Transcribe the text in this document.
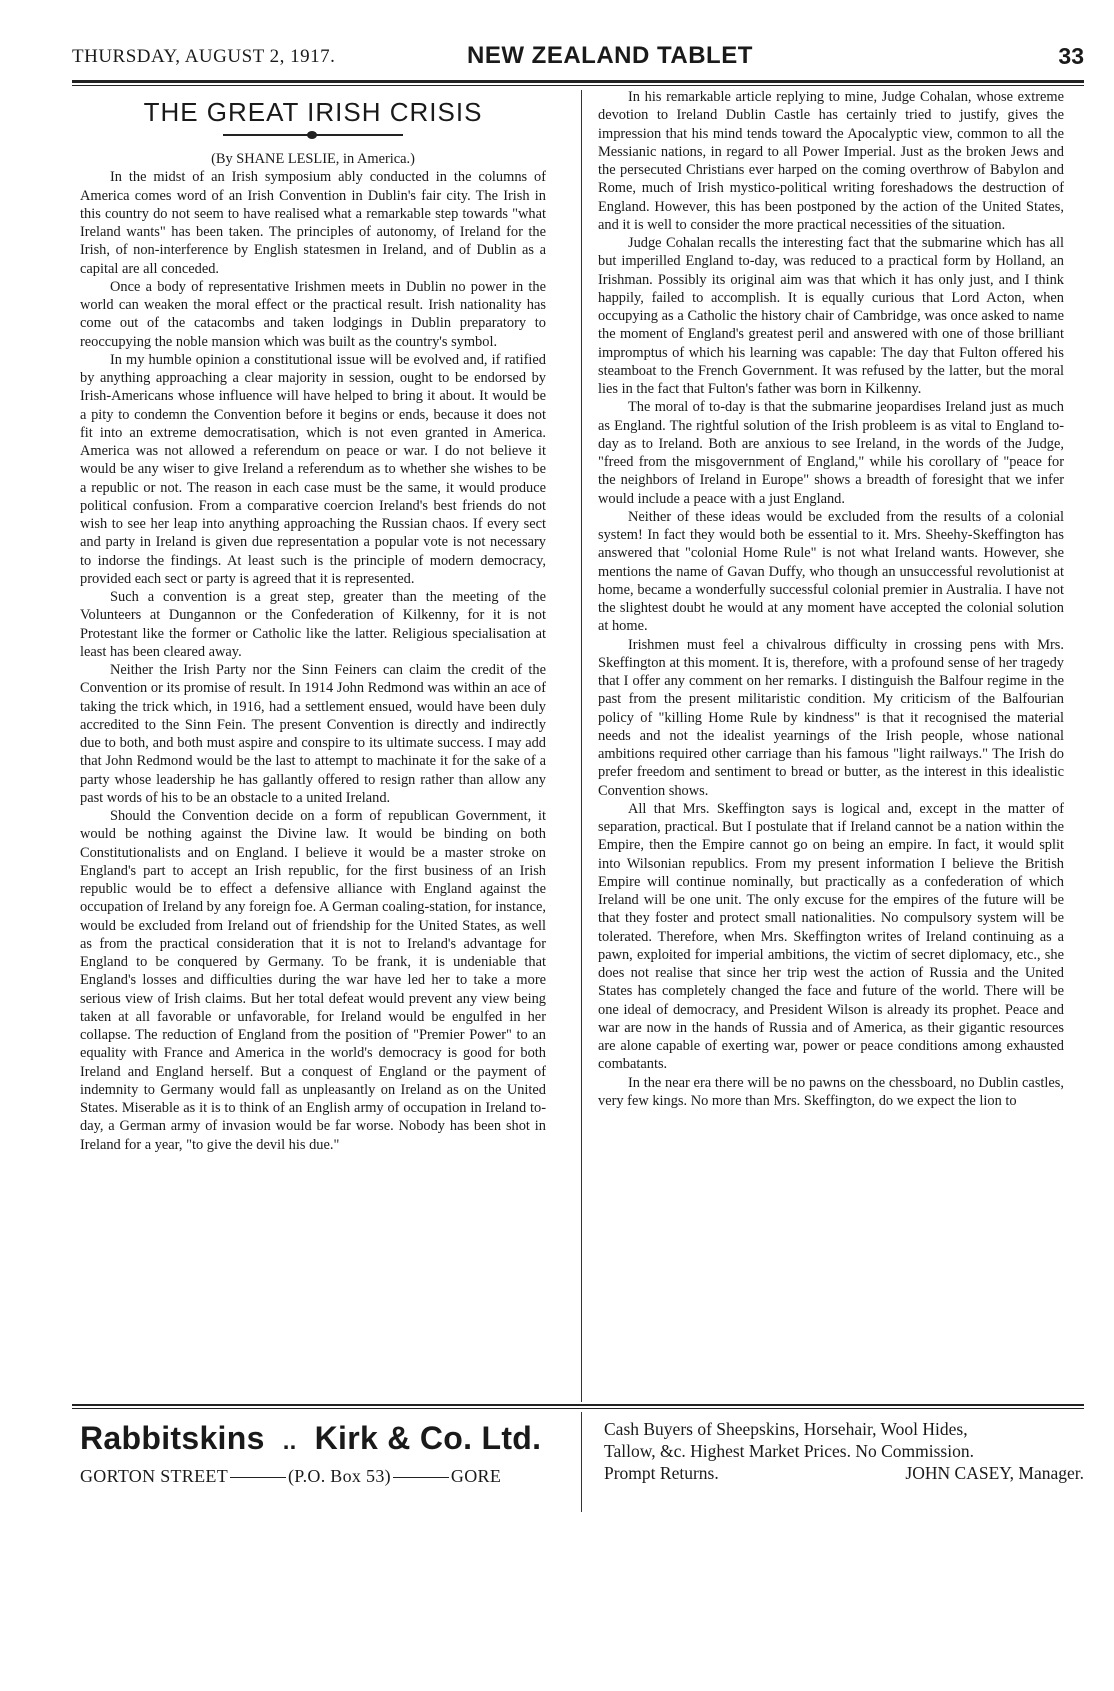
THURSDAY, AUGUST 2, 1917.	NEW ZEALAND TABLET	33
THE GREAT IRISH CRISIS
(By SHANE LESLIE, in America.)

In the midst of an Irish symposium ably conducted in the columns of America comes word of an Irish Convention in Dublin's fair city. The Irish in this country do not seem to have realised what a remarkable step towards "what Ireland wants" has been taken. The principles of autonomy, of Ireland for the Irish, of non-interference by English statesmen in Ireland, and of Dublin as a capital are all conceded.

Once a body of representative Irishmen meets in Dublin no power in the world can weaken the moral effect or the practical result. Irish nationality has come out of the catacombs and taken lodgings in Dublin preparatory to reoccupying the noble mansion which was built as the country's symbol.

In my humble opinion a constitutional issue will be evolved and, if ratified by anything approaching a clear majority in session, ought to be endorsed by Irish-Americans whose influence will have helped to bring it about. It would be a pity to condemn the Convention before it begins or ends, because it does not fit into an extreme democratisation, which is not even granted in America. America was not allowed a referendum on peace or war. I do not believe it would be any wiser to give Ireland a referendum as to whether she wishes to be a republic or not. The reason in each case must be the same, it would produce political confusion. From a comparative coercion Ireland's best friends do not wish to see her leap into anything approaching the Russian chaos. If every sect and party in Ireland is given due representation a popular vote is not necessary to indorse the findings. At least such is the principle of modern democracy, provided each sect or party is agreed that it is represented.

Such a convention is a great step, greater than the meeting of the Volunteers at Dungannon or the Confederation of Kilkenny, for it is not Protestant like the former or Catholic like the latter. Religious specialisation at least has been cleared away.

Neither the Irish Party nor the Sinn Feiners can claim the credit of the Convention or its promise of result. In 1914 John Redmond was within an ace of taking the trick which, in 1916, had a settlement ensued, would have been duly accredited to the Sinn Fein. The present Convention is directly and indirectly due to both, and both must aspire and conspire to its ultimate success. I may add that John Redmond would be the last to attempt to machinate it for the sake of a party whose leadership he has gallantly offered to resign rather than allow any past words of his to be an obstacle to a united Ireland.

Should the Convention decide on a form of republican Government, it would be nothing against the Divine law. It would be binding on both Constitutionalists and on England. I believe it would be a master stroke on England's part to accept an Irish republic, for the first business of an Irish republic would be to effect a defensive alliance with England against the occupation of Ireland by any foreign foe. A German coaling-station, for instance, would be excluded from Ireland out of friendship for the United States, as well as from the practical consideration that it is not to Ireland's advantage for England to be conquered by Germany. To be frank, it is undeniable that England's losses and difficulties during the war have led her to take a more serious view of Irish claims. But her total defeat would prevent any view being taken at all favorable or unfavorable, for Ireland would be engulfed in her collapse. The reduction of England from the position of "Premier Power" to an equality with France and America in the world's democracy is good for both Ireland and England herself. But a conquest of England or the payment of indemnity to Germany would fall as unpleasantly on Ireland as on the United States. Miserable as it is to think of an English army of occupation in Ireland to-day, a German army of invasion would be far worse. Nobody has been shot in Ireland for a year, "to give the devil his due."

In his remarkable article replying to mine, Judge Cohalan, whose extreme devotion to Ireland Dublin Castle has certainly tried to justify, gives the impression that his mind tends toward the Apocalyptic view, common to all the Messianic nations, in regard to all Power Imperial. Just as the broken Jews and the persecuted Christians ever harped on the coming overthrow of Babylon and Rome, much of Irish mystico-political writing foreshadows the destruction of England. However, this has been postponed by the action of the United States, and it is well to consider the more practical necessities of the situation.

Judge Cohalan recalls the interesting fact that the submarine which has all but imperilled England to-day, was reduced to a practical form by Holland, an Irishman. Possibly its original aim was that which it has only just, and I think happily, failed to accomplish. It is equally curious that Lord Acton, when occupying as a Catholic the history chair of Cambridge, was once asked to name the moment of England's greatest peril and answered with one of those brilliant impromptus of which his learning was capable: The day that Fulton offered his steamboat to the French Government. It was refused by the latter, but the moral lies in the fact that Fulton's father was born in Kilkenny.

The moral of to-day is that the submarine jeopardises Ireland just as much as England. The rightful solution of the Irish probleem is as vital to England to-day as to Ireland. Both are anxious to see Ireland, in the words of the Judge, "freed from the misgovernment of England," while his corollary of "peace for the neighbors of Ireland in Europe" shows a breadth of foresight that we infer would include a peace with a just England.

Neither of these ideas would be excluded from the results of a colonial system! In fact they would both be essential to it. Mrs. Sheehy-Skeffington has answered that "colonial Home Rule" is not what Ireland wants. However, she mentions the name of Gavan Duffy, who though an unsuccessful revolutionist at home, became a wonderfully successful colonial premier in Australia. I have not the slightest doubt he would at any moment have accepted the colonial solution at home.

Irishmen must feel a chivalrous difficulty in crossing pens with Mrs. Skeffington at this moment. It is, therefore, with a profound sense of her tragedy that I offer any comment on her remarks. I distinguish the Balfour regime in the past from the present militaristic condition. My criticism of the Balfourian policy of "killing Home Rule by kindness" is that it recognised the material needs and not the idealist yearnings of the Irish people, whose national ambitions required other carriage than his famous "light railways." The Irish do prefer freedom and sentiment to bread or butter, as the interest in this idealistic Convention shows.

All that Mrs. Skeffington says is logical and, except in the matter of separation, practical. But I postulate that if Ireland cannot be a nation within the Empire, then the Empire cannot go on being an empire. In fact, it would split into Wilsonian republics. From my present information I believe the British Empire will continue nominally, but practically as a confederation of which Ireland will be one unit. The only excuse for the empires of the future will be that they foster and protect small nationalities. No compulsory system will be tolerated. Therefore, when Mrs. Skeffington writes of Ireland continuing as a pawn, exploited for imperial ambitions, the victim of secret diplomacy, etc., she does not realise that since her trip west the action of Russia and the United States has completely changed the face and future of the world. There will be one ideal of democracy, and President Wilson is already its prophet. Peace and war are now in the hands of Russia and of America, as their gigantic resources are alone capable of exerting war, power or peace conditions among exhausted combatants.

In the near era there will be no pawns on the chessboard, no Dublin castles, very few kings. No more than Mrs. Skeffington, do we expect the lion to

Rabbitskins .. Kirk & Co. Ltd.
GORTON STREET	(P.O. Box 53)	GORE
Cash Buyers of Sheepskins, Horsehair, Wool Hides,
Tallow, &c. Highest Market Prices. No Commission.
Prompt Returns.	JOHN CASEY, Manager.
